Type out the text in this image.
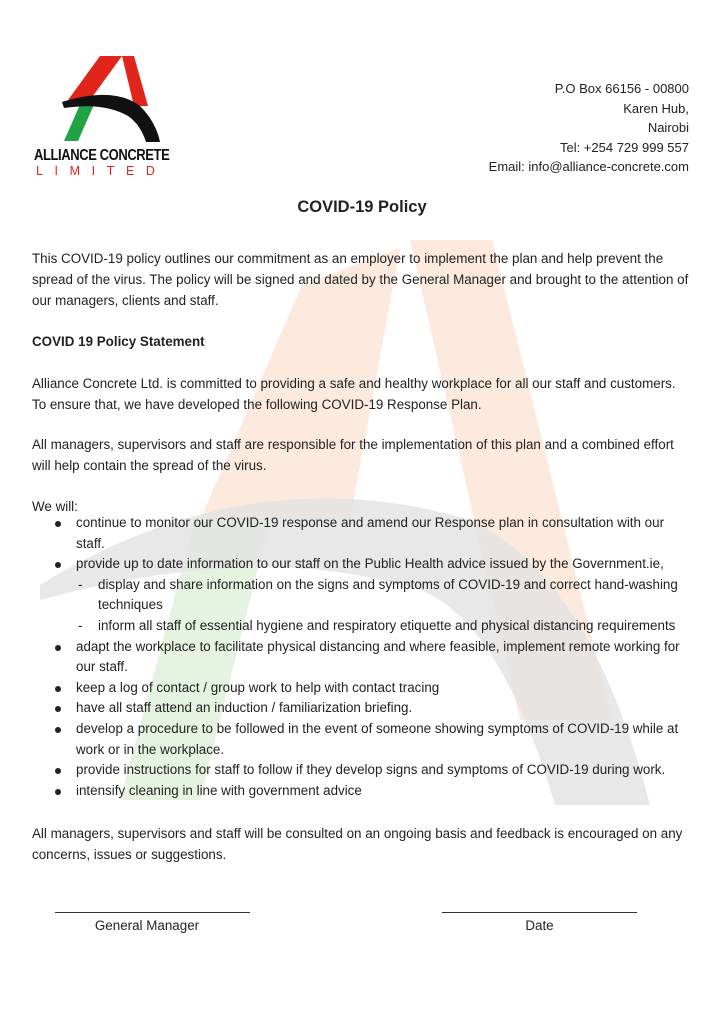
ALLIANCE CONCRETE
LIMITED
P.O Box 66156 - 00800
Karen Hub,
Nairobi
Tel: +254 729 999 557
Email: info@alliance-concrete.com
COVID-19 Policy

This COVID-19 policy outlines our commitment as an employer to implement the plan and help prevent the spread of the virus. The policy will be signed and dated by the General Manager and brought to the attention of our managers, clients and staff.

COVID 19 Policy Statement

Alliance Concrete Ltd. is committed to providing a safe and healthy workplace for all our staff and customers. To ensure that, we have developed the following COVID-19 Response Plan.

All managers, supervisors and staff are responsible for the implementation of this plan and a combined effort will help contain the spread of the virus.

We will:

continue to monitor our COVID-19 response and amend our Response plan in consultation with our staff.
provide up to date information to our staff on the Public Health advice issued by the Government.ie,
- display and share information on the signs and symptoms of COVID-19 and correct hand-washing techniques
- inform all staff of essential hygiene and respiratory etiquette and physical distancing requirements
adapt the workplace to facilitate physical distancing and where feasible, implement remote working for our staff.
keep a log of contact / group work to help with contact tracing
have all staff attend an induction / familiarization briefing.
develop a procedure to be followed in the event of someone showing symptoms of COVID-19 while at work or in the workplace.
provide instructions for staff to follow if they develop signs and symptoms of COVID-19 during work.
intensify cleaning in line with government advice

All managers, supervisors and staff will be consulted on an ongoing basis and feedback is encouraged on any concerns, issues or suggestions.

General Manager	Date
